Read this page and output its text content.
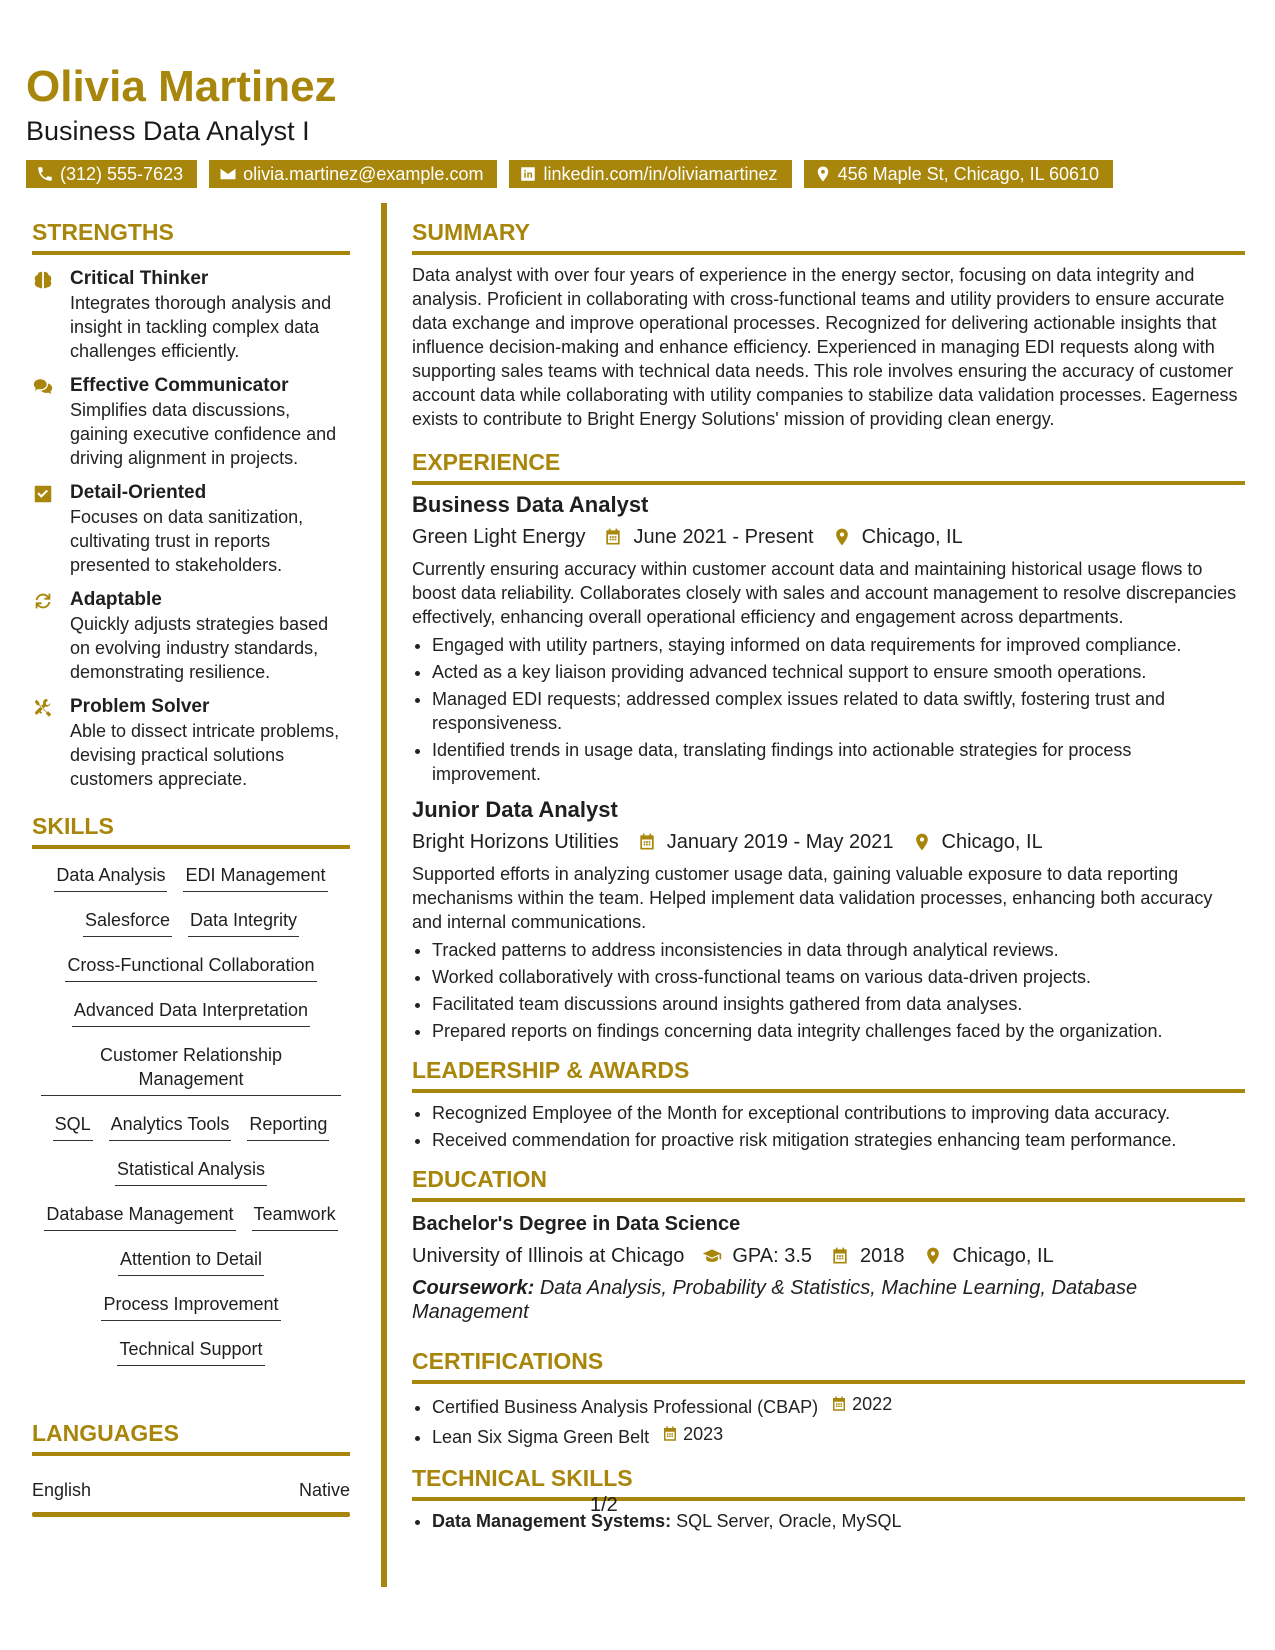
Olivia Martinez

Business Data Analyst I

(312) 555-7623	olivia.martinez@example.com	linkedin.com/in/oliviamartinez	456 Maple St, Chicago, IL 60610
STRENGTHS
Critical Thinker
Integrates thorough analysis and insight in tackling complex data challenges efficiently.
Effective Communicator
Simplifies data discussions, gaining executive confidence and driving alignment in projects.
Detail-Oriented
Focuses on data sanitization, cultivating trust in reports presented to stakeholders.
Adaptable
Quickly adjusts strategies based on evolving industry standards, demonstrating resilience.
Problem Solver
Able to dissect intricate problems, devising practical solutions customers appreciate.
SKILLS
Data Analysis EDI Management
Salesforce Data Integrity
Cross-Functional Collaboration
Advanced Data Interpretation
Customer Relationship Management
SQL Analytics Tools Reporting
Statistical Analysis
Database Management Teamwork
Attention to Detail
Process Improvement
Technical Support
LANGUAGES
English	Native
SUMMARY

Data analyst with over four years of experience in the energy sector, focusing on data integrity and analysis. Proficient in collaborating with cross-functional teams and utility providers to ensure accurate data exchange and improve operational processes. Recognized for delivering actionable insights that influence decision-making and enhance efficiency. Experienced in managing EDI requests along with supporting sales teams with technical data needs. This role involves ensuring the accuracy of customer account data while collaborating with utility companies to stabilize data validation processes. Eagerness exists to contribute to Bright Energy Solutions' mission of providing clean energy.

EXPERIENCE
Business Data Analyst
Green Light Energy June 2021 - Present Chicago, IL

Currently ensuring accuracy within customer account data and maintaining historical usage flows to boost data reliability. Collaborates closely with sales and account management to resolve discrepancies effectively, enhancing overall operational efficiency and engagement across departments.

• Engaged with utility partners, staying informed on data requirements for improved compliance.
• Acted as a key liaison providing advanced technical support to ensure smooth operations.
• Managed EDI requests; addressed complex issues related to data swiftly, fostering trust and responsiveness.
• Identified trends in usage data, translating findings into actionable strategies for process improvement.
Junior Data Analyst
Bright Horizons Utilities January 2019 - May 2021 Chicago, IL

Supported efforts in analyzing customer usage data, gaining valuable exposure to data reporting mechanisms within the team. Helped implement data validation processes, enhancing both accuracy and internal communications.

• Tracked patterns to address inconsistencies in data through analytical reviews.
• Worked collaboratively with cross-functional teams on various data-driven projects.
• Facilitated team discussions around insights gathered from data analyses.
• Prepared reports on findings concerning data integrity challenges faced by the organization.
LEADERSHIP & AWARDS
• Recognized Employee of the Month for exceptional contributions to improving data accuracy.
• Received commendation for proactive risk mitigation strategies enhancing team performance.
EDUCATION
Bachelor's Degree in Data Science
University of Illinois at Chicago GPA: 3.5 2018 Chicago, IL
Coursework: Data Analysis, Probability & Statistics, Machine Learning, Database Management
CERTIFICATIONS
• Certified Business Analysis Professional (CBAP) 2022
• Lean Six Sigma Green Belt 2023
TECHNICAL SKILLS
• Data Management Systems: SQL Server, Oracle, MySQL
1/2
